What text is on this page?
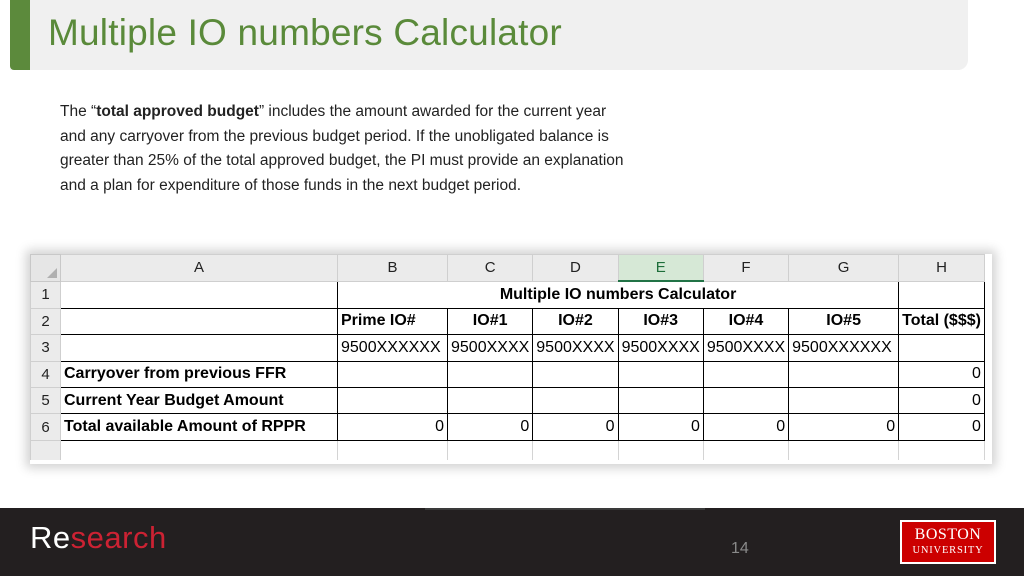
Multiple IO numbers Calculator

The “total approved budget” includes the amount awarded for the current year and any carryover from the previous budget period. If the unobligated balance is greater than 25% of the total approved budget, the PI must provide an explanation and a plan for expenditure of those funds in the next budget period.

	A	B	C	D	E	F	G	H
1		Multiple IO numbers Calculator						
2		Prime IO#	IO#1	IO#2	IO#3	IO#4	IO#5	Total ($$$)
3		9500XXXXXX	9500XXXX	9500XXXX	9500XXXX	9500XXXX	9500XXXXXX	
4	Carryover from previous FFR							0
5	Current Year Budget Amount							0
6	Total available Amount of RPPR	0	0	0	0	0	0	0

Research	14
BOSTON
UNIVERSITY
